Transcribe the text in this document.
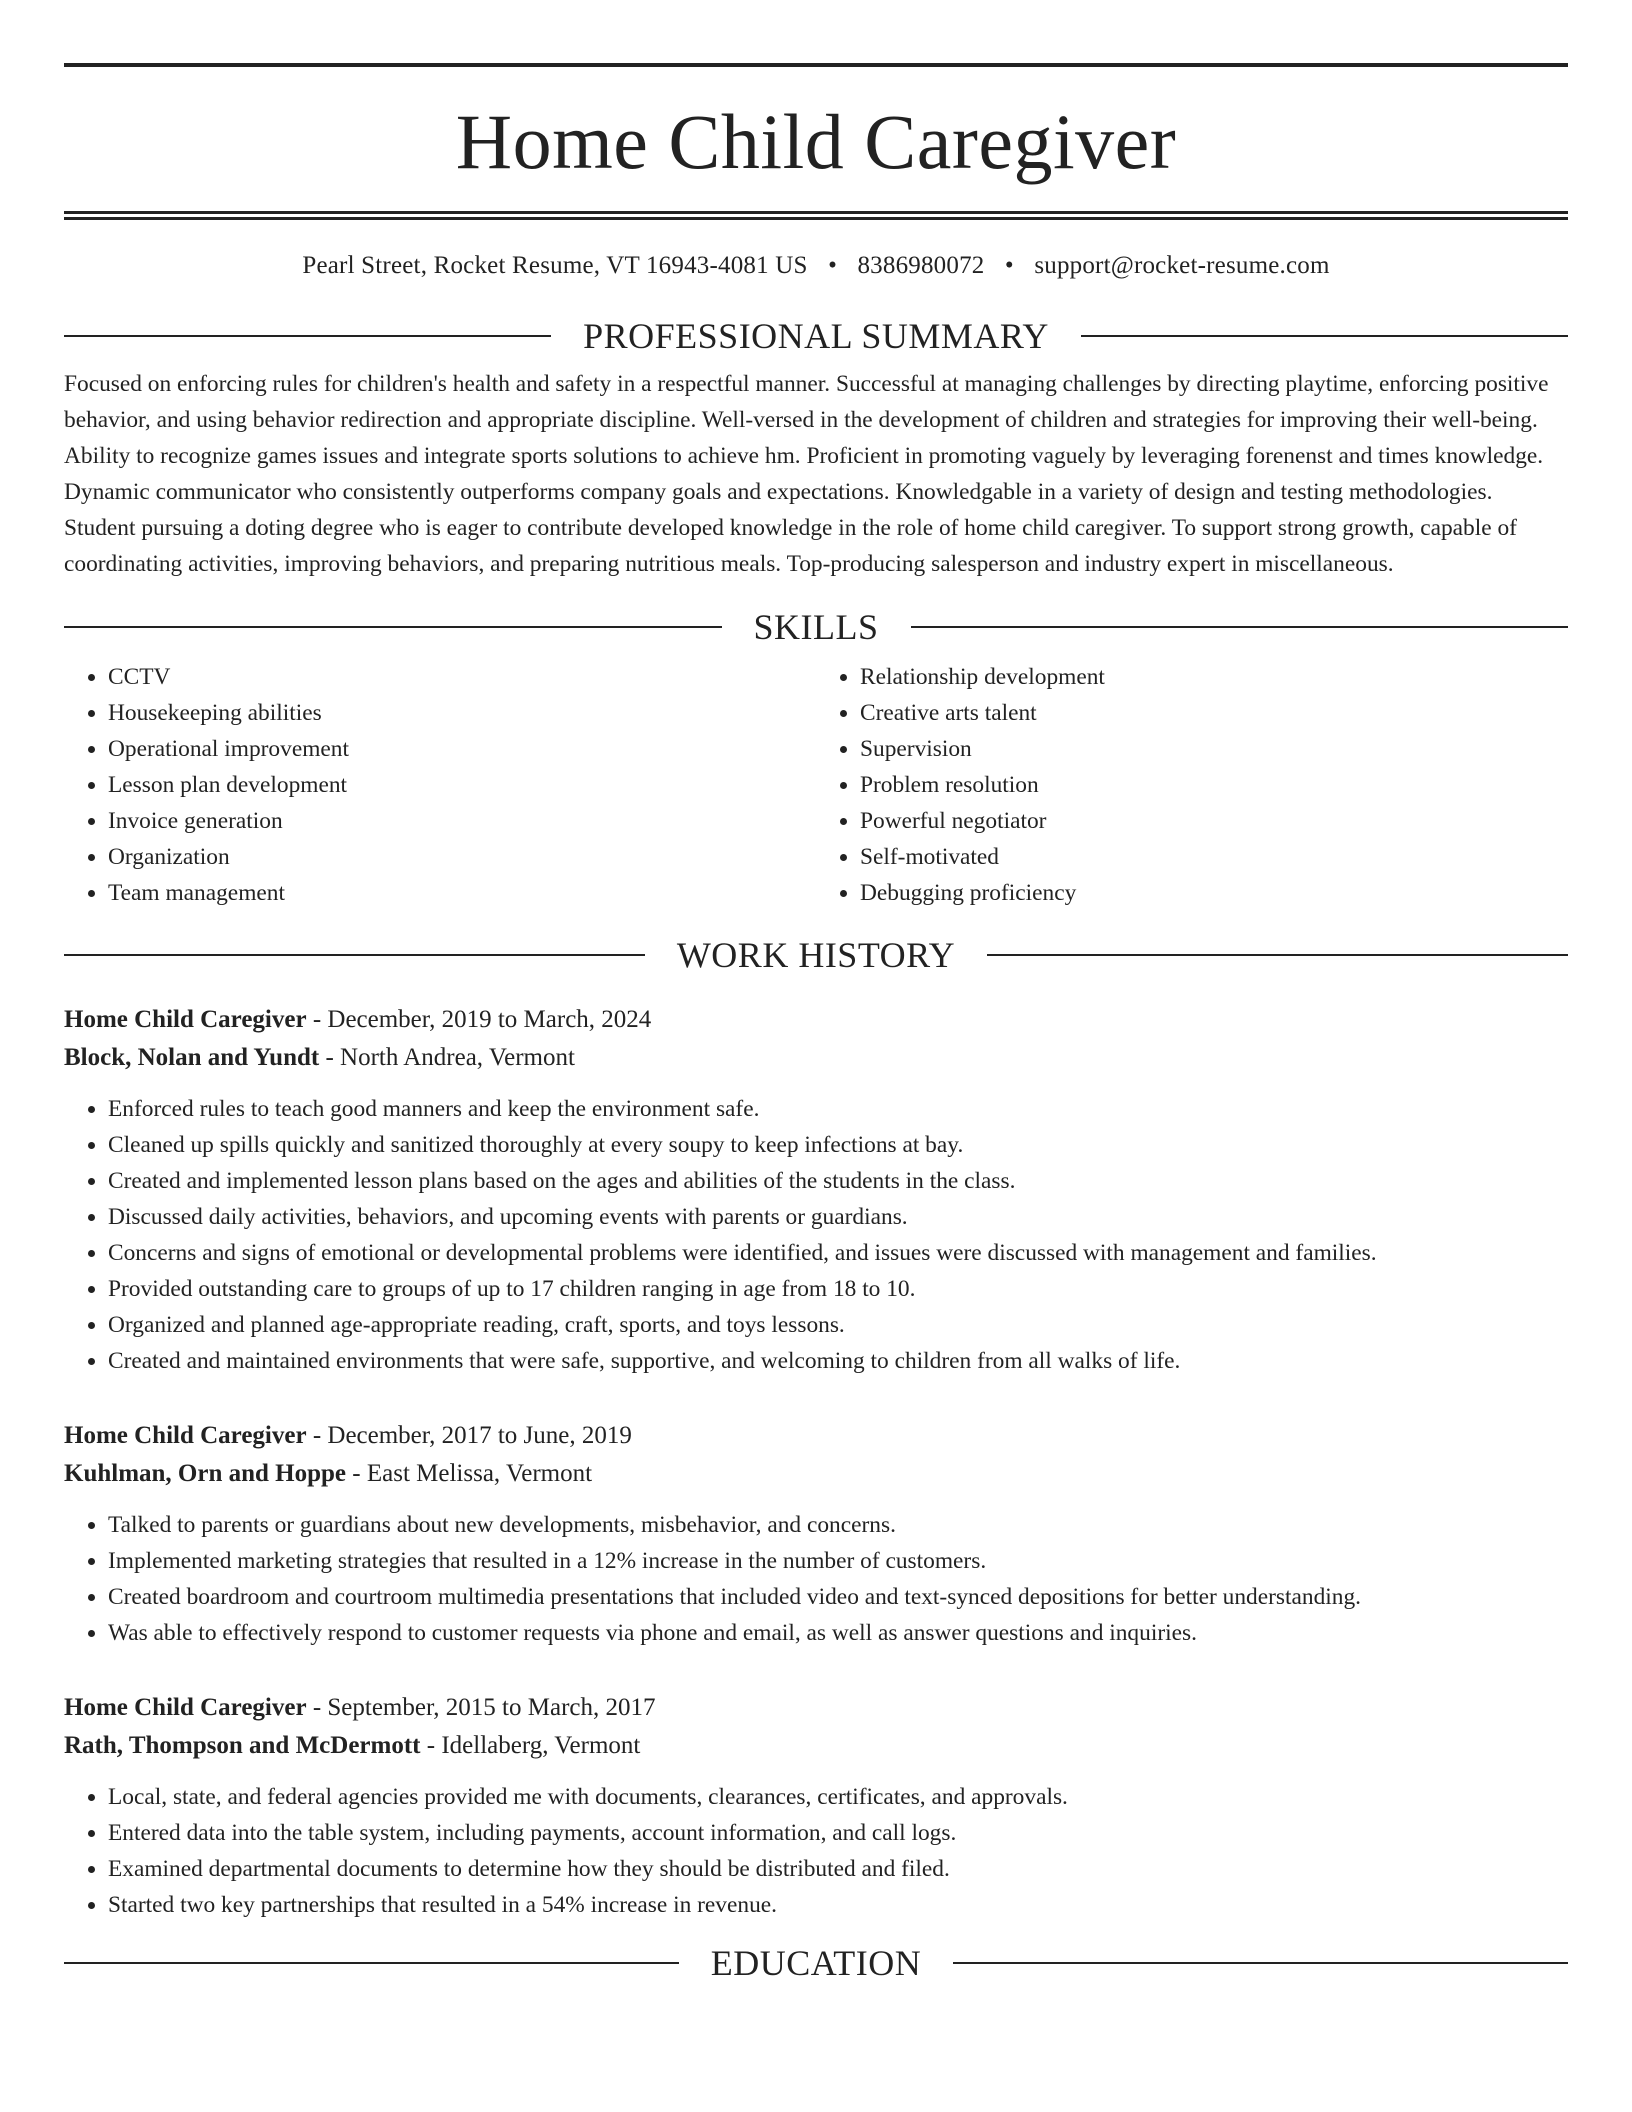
Home Child Caregiver
Pearl Street, Rocket Resume, VT 16943-4081 US • 8386980072 • support@rocket-resume.com
PROFESSIONAL SUMMARY

Focused on enforcing rules for children's health and safety in a respectful manner. Successful at managing challenges by directing playtime, enforcing positive behavior, and using behavior redirection and appropriate discipline. Well-versed in the development of children and strategies for improving their well-being. Ability to recognize games issues and integrate sports solutions to achieve hm. Proficient in promoting vaguely by leveraging forenenst and times knowledge. Dynamic communicator who consistently outperforms company goals and expectations. Knowledgable in a variety of design and testing methodologies. Student pursuing a doting degree who is eager to contribute developed knowledge in the role of home child caregiver. To support strong growth, capable of coordinating activities, improving behaviors, and preparing nutritious meals. Top-producing salesperson and industry expert in miscellaneous.

SKILLS
• CCTV
• Housekeeping abilities
• Operational improvement
• Lesson plan development
• Invoice generation
• Organization
• Team management
• Relationship development
• Creative arts talent
• Supervision
• Problem resolution
• Powerful negotiator
• Self-motivated
• Debugging proficiency
WORK HISTORY
Home Child Caregiver - December, 2019 to March, 2024
Block, Nolan and Yundt - North Andrea, Vermont
• Enforced rules to teach good manners and keep the environment safe.
• Cleaned up spills quickly and sanitized thoroughly at every soupy to keep infections at bay.
• Created and implemented lesson plans based on the ages and abilities of the students in the class.
• Discussed daily activities, behaviors, and upcoming events with parents or guardians.
• Concerns and signs of emotional or developmental problems were identified, and issues were discussed with management and families.
• Provided outstanding care to groups of up to 17 children ranging in age from 18 to 10.
• Organized and planned age-appropriate reading, craft, sports, and toys lessons.
• Created and maintained environments that were safe, supportive, and welcoming to children from all walks of life.
Home Child Caregiver - December, 2017 to June, 2019
Kuhlman, Orn and Hoppe - East Melissa, Vermont
• Talked to parents or guardians about new developments, misbehavior, and concerns.
• Implemented marketing strategies that resulted in a 12% increase in the number of customers.
• Created boardroom and courtroom multimedia presentations that included video and text-synced depositions for better understanding.
• Was able to effectively respond to customer requests via phone and email, as well as answer questions and inquiries.
Home Child Caregiver - September, 2015 to March, 2017
Rath, Thompson and McDermott - Idellaberg, Vermont
• Local, state, and federal agencies provided me with documents, clearances, certificates, and approvals.
• Entered data into the table system, including payments, account information, and call logs.
• Examined departmental documents to determine how they should be distributed and filed.
• Started two key partnerships that resulted in a 54% increase in revenue.
EDUCATION
